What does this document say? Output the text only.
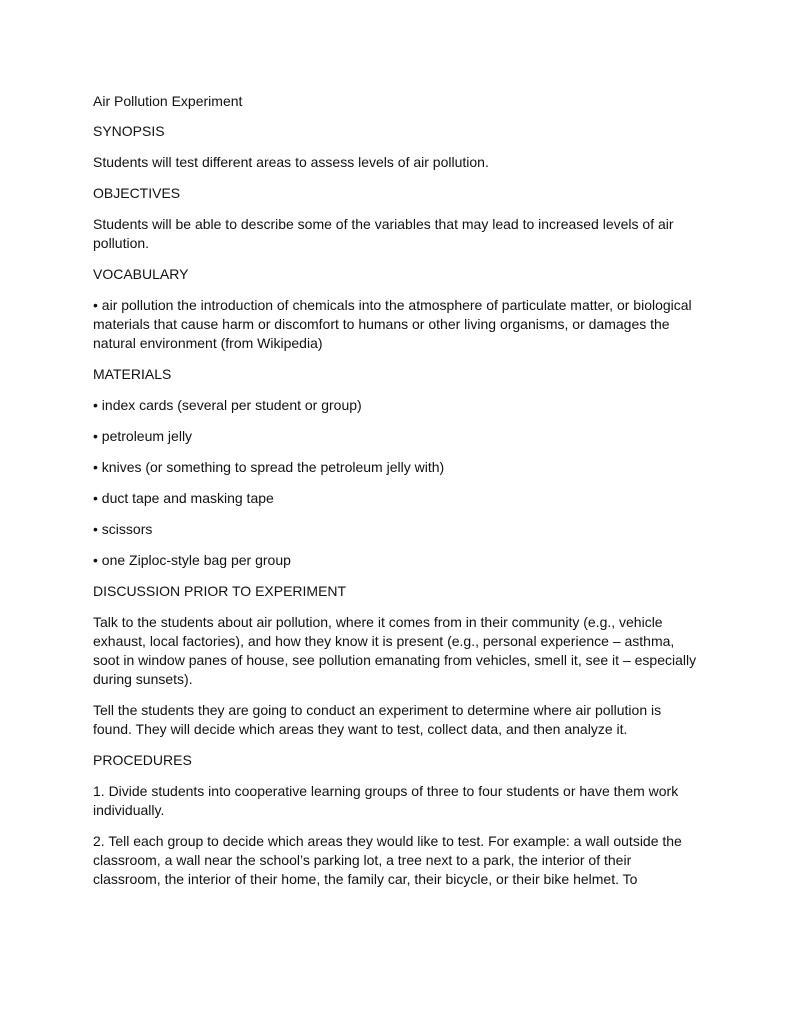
Air Pollution Experiment

SYNOPSIS

Students will test different areas to assess levels of air pollution.

OBJECTIVES

Students will be able to describe some of the variables that may lead to increased levels of air pollution.

VOCABULARY

• air pollution the introduction of chemicals into the atmosphere of particulate matter, or biological materials that cause harm or discomfort to humans or other living organisms, or damages the natural environment (from Wikipedia)

MATERIALS

• index cards (several per student or group)

• petroleum jelly

• knives (or something to spread the petroleum jelly with)

• duct tape and masking tape

• scissors

• one Ziploc-style bag per group

DISCUSSION PRIOR TO EXPERIMENT

Talk to the students about air pollution, where it comes from in their community (e.g., vehicle exhaust, local factories), and how they know it is present (e.g., personal experience – asthma, soot in window panes of house, see pollution emanating from vehicles, smell it, see it – especially during sunsets).

Tell the students they are going to conduct an experiment to determine where air pollution is found. They will decide which areas they want to test, collect data, and then analyze it.

PROCEDURES

1. Divide students into cooperative learning groups of three to four students or have them work individually.

2. Tell each group to decide which areas they would like to test. For example: a wall outside the classroom, a wall near the school’s parking lot, a tree next to a park, the interior of their classroom, the interior of their home, the family car, their bicycle, or their bike helmet. To
